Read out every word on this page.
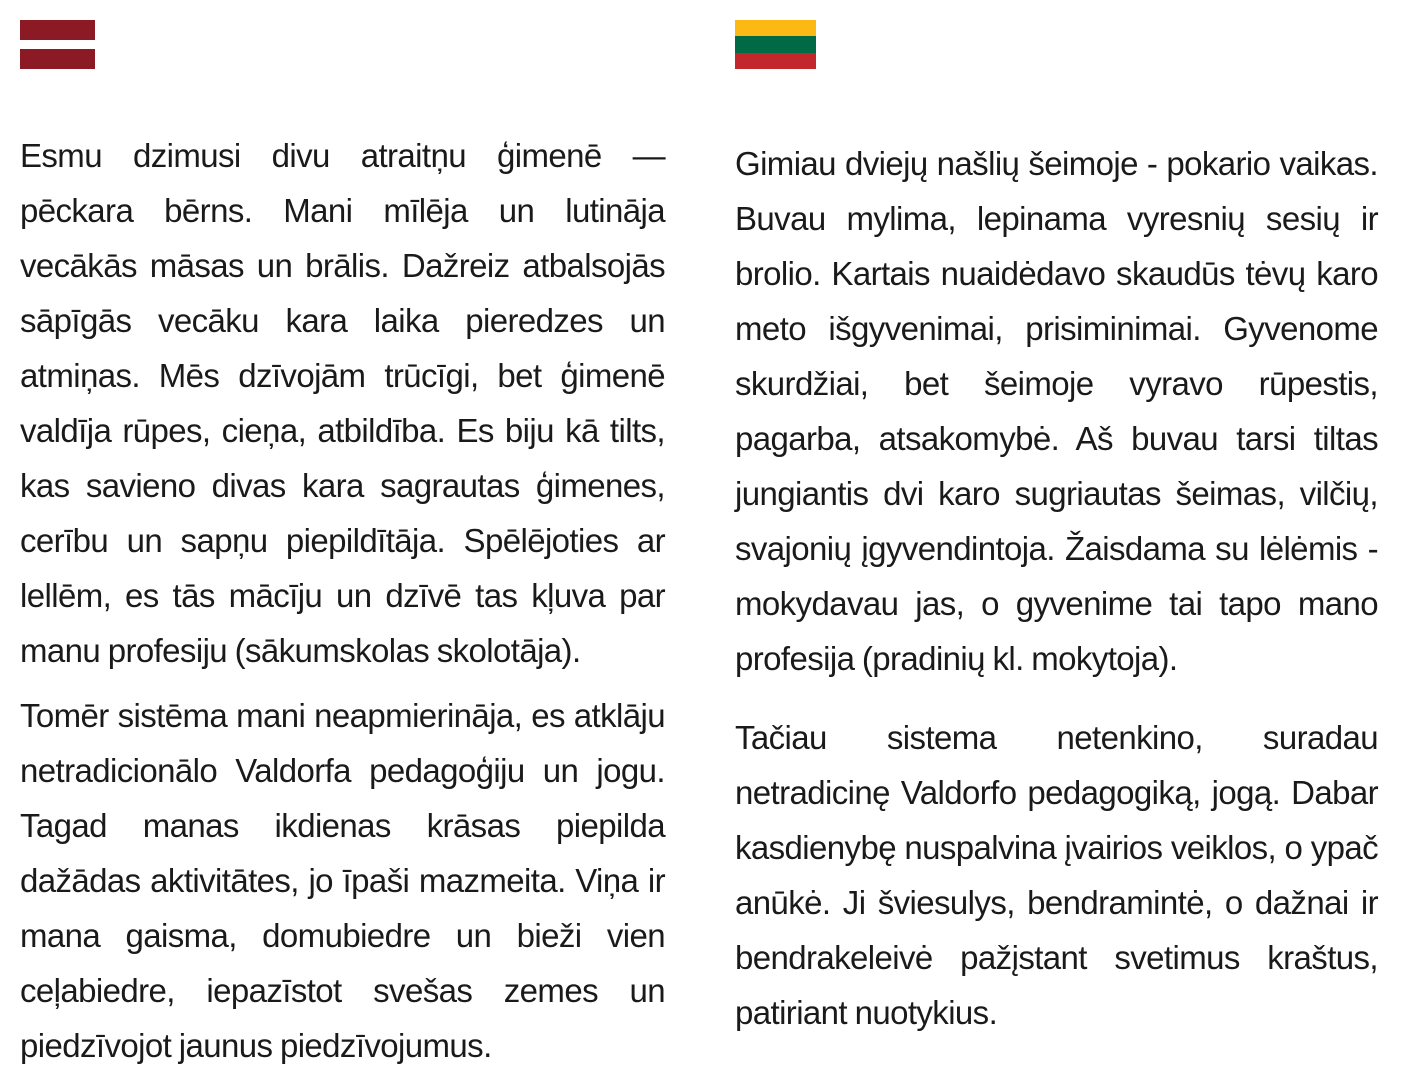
Esmu dzimusi divu atraitņu ģimenē — pēckara bērns. Mani mīlēja un lutināja vecākās māsas un brālis. Dažreiz atbalsojās sāpīgās vecāku kara laika pieredzes un atmiņas. Mēs dzīvojām trūcīgi, bet ģimenē valdīja rūpes, cieņa, atbildība. Es biju kā tilts, kas savieno divas kara sagrautas ģimenes, cerību un sapņu piepildītāja. Spēlējoties ar lellēm, es tās mācīju un dzīvē tas kļuva par manu profesiju (sākumskolas skolotāja).

Tomēr sistēma mani neapmierināja, es atklāju netradicionālo Valdorfa pedagoģiju un jogu. Tagad manas ikdienas krāsas piepilda dažādas aktivitātes, jo īpaši mazmeita. Viņa ir mana gaisma, domubiedre un bieži vien ceļabiedre, iepazīstot svešas zemes un piedzīvojot jaunus piedzīvojumus.

Gimiau dviejų našlių šeimoje - pokario vaikas. Buvau mylima, lepinama vyresnių sesių ir brolio. Kartais nuaidėdavo skaudūs tėvų karo meto išgyvenimai, prisiminimai. Gyvenome skurdžiai, bet šeimoje vyravo rūpestis, pagarba, atsakomybė. Aš buvau tarsi tiltas jungiantis dvi karo sugriautas šeimas, vilčių, svajonių įgyvendintoja. Žaisdama su lėlėmis - mokydavau jas, o gyvenime tai tapo mano profesija (pradinių kl. mokytoja).

Tačiau sistema netenkino, suradau netradicinę Valdorfo pedagogiką, jogą. Dabar kasdienybę nuspalvina įvairios veiklos, o ypač anūkė. Ji šviesulys, bendramintė, o dažnai ir bendrakeleivė pažįstant svetimus kraštus, patiriant nuotykius.
